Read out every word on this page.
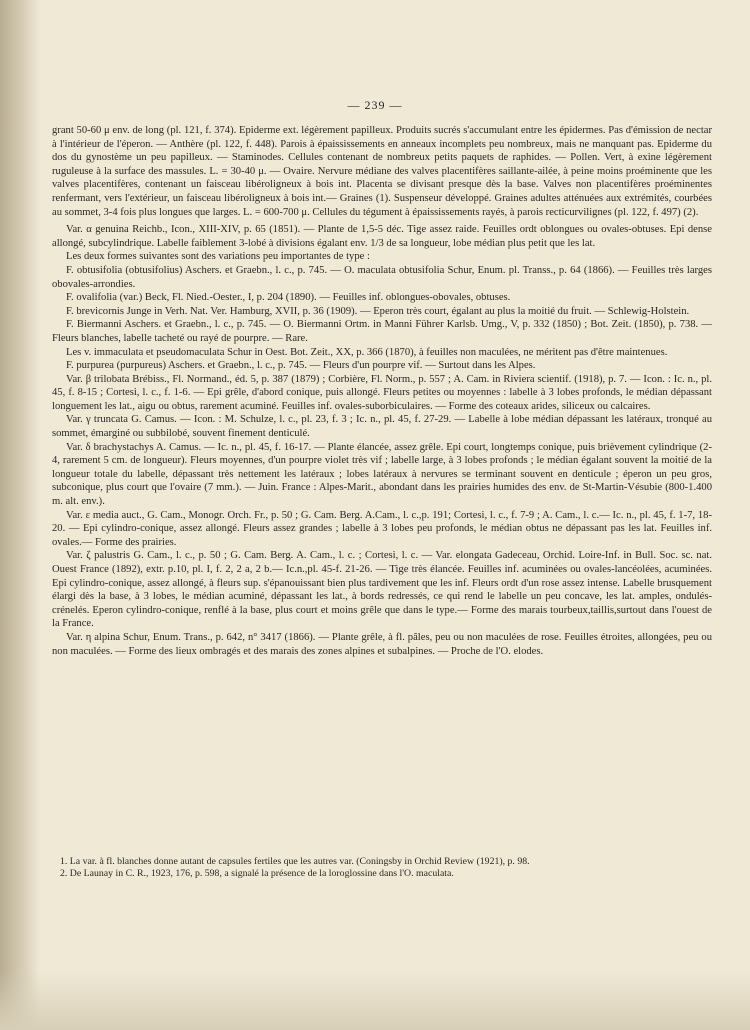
— 239 —

grant 50-60 μ env. de long (pl. 121, f. 374). Epiderme ext. légèrement papilleux. Produits sucrés s'accumulant entre les épidermes. Pas d'émission de nectar à l'intérieur de l'éperon. — Anthère (pl. 122, f. 448). Parois à épaississements en anneaux incomplets peu nombreux, mais ne manquant pas. Epiderme du dos du gynostème un peu papilleux. — Staminodes. Cellules contenant de nombreux petits paquets de raphides. — Pollen. Vert, à exine légèrement ruguleuse à la surface des massules. L. = 30-40 μ. — Ovaire. Nervure médiane des valves placentifères saillante-ailée, à peine moins proéminente que les valves placentifères, contenant un faisceau libéroligneux à bois int. Placenta se divisant presque dès la base. Valves non placentifères proéminentes renfermant, vers l'extérieur, un faisceau libéroligneux à bois int.— Graines (1). Suspenseur développé. Graines adultes atténuées aux extrémités, courbées au sommet, 3-4 fois plus longues que larges. L. = 600-700 μ. Cellules du tégument à épaississements rayés, à parois recticurvilignes (pl. 122, f. 497) (2).

Var. α genuina Reichb., Icon., XIII-XIV, p. 65 (1851). — Plante de 1,5-5 déc. Tige assez raide. Feuilles ordt oblongues ou ovales-obtuses. Epi dense allongé, subcylindrique. Labelle faiblement 3-lobé à divisions égalant env. 1/3 de sa longueur, lobe médian plus petit que les lat.

Les deux formes suivantes sont des variations peu importantes de type :

F. obtusifolia (obtusifolius) Aschers. et Graebn., l. c., p. 745. — O. maculata obtusifolia Schur, Enum. pl. Transs., p. 64 (1866). — Feuilles très larges obovales-arrondies.

F. ovalifolia (var.) Beck, Fl. Nied.-Oester., I, p. 204 (1890). — Feuilles inf. oblongues-obovales, obtuses.

F. brevicornis Junge in Verh. Nat. Ver. Hamburg, XVII, p. 36 (1909). — Eperon très court, égalant au plus la moitié du fruit. — Schlewig-Holstein.

F. Biermanni Aschers. et Graebn., l. c., p. 745. — O. Biermanni Ortm. in Manni Führer Karlsb. Umg., V, p. 332 (1850) ; Bot. Zeit. (1850), p. 738. — Fleurs blanches, labelle tacheté ou rayé de pourpre. — Rare.

Les v. immaculata et pseudomaculata Schur in Oest. Bot. Zeit., XX, p. 366 (1870), à feuilles non maculées, ne méritent pas d'être maintenues.

F. purpurea (purpureus) Aschers. et Graebn., l. c., p. 745. — Fleurs d'un pourpre vif. — Surtout dans les Alpes.

Var. β trilobata Brébiss., Fl. Normand., éd. 5, p. 387 (1879) ; Corbière, Fl. Norm., p. 557 ; A. Cam. in Riviera scientif. (1918), p. 7. — Icon. : Ic. n., pl. 45, f. 8-15 ; Cortesi, l. c., f. 1-6. — Epi grêle, d'abord conique, puis allongé. Fleurs petites ou moyennes : labelle à 3 lobes profonds, le médian dépassant longuement les lat., aigu ou obtus, rarement acuminé. Feuilles inf. ovales-suborbiculaires. — Forme des coteaux arides, siliceux ou calcaires.

Var. γ truncata G. Camus. — Icon. : M. Schulze, l. c., pl. 23, f. 3 ; Ic. n., pl. 45, f. 27-29. — Labelle à lobe médian dépassant les latéraux, tronqué au sommet, émarginé ou subbilobé, souvent finement denticulé.

Var. δ brachystachys A. Camus. — Ic. n., pl. 45, f. 16-17. — Plante élancée, assez grêle. Epi court, longtemps conique, puis brièvement cylindrique (2-4, rarement 5 cm. de longueur). Fleurs moyennes, d'un pourpre violet très vif ; labelle large, à 3 lobes profonds ; le médian égalant souvent la moitié de la longueur totale du labelle, dépassant très nettement les latéraux ; lobes latéraux à nervures se terminant souvent en denticule ; éperon un peu gros, subconique, plus court que l'ovaire (7 mm.). — Juin. France : Alpes-Marit., abondant dans les prairies humides des env. de St-Martin-Vésubie (800-1.400 m. alt. env.).

Var. ε media auct., G. Cam., Monogr. Orch. Fr., p. 50 ; G. Cam. Berg. A.Cam., l. c.,p. 191; Cortesi, l. c., f. 7-9 ; A. Cam., l. c.— Ic. n., pl. 45, f. 1-7, 18-20. — Epi cylindro-conique, assez allongé. Fleurs assez grandes ; labelle à 3 lobes peu profonds, le médian obtus ne dépassant pas les lat. Feuilles inf. ovales.— Forme des prairies.

Var. ζ palustris G. Cam., l. c., p. 50 ; G. Cam. Berg. A. Cam., l. c. ; Cortesi, l. c. — Var. elongata Gadeceau, Orchid. Loire-Inf. in Bull. Soc. sc. nat. Ouest France (1892), extr. p.10, pl. I, f. 2, 2 a, 2 b.— Ic.n.,pl. 45-f. 21-26. — Tige très élancée. Feuilles inf. acuminées ou ovales-lancéolées, acuminées. Epi cylindro-conique, assez allongé, à fleurs sup. s'épanouissant bien plus tardivement que les inf. Fleurs ordt d'un rose assez intense. Labelle brusquement élargi dès la base, à 3 lobes, le médian acuminé, dépassant les lat., à bords redressés, ce qui rend le labelle un peu concave, les lat. amples, ondulés-crénelés. Eperon cylindro-conique, renflé à la base, plus court et moins grêle que dans le type.— Forme des marais tourbeux,taillis,surtout dans l'ouest de la France.

Var. η alpina Schur, Enum. Trans., p. 642, n° 3417 (1866). — Plante grêle, à fl. pâles, peu ou non maculées de rose. Feuilles étroites, allongées, peu ou non maculées. — Forme des lieux ombragés et des marais des zones alpines et subalpines. — Proche de l'O. elodes.

1. La var. à fl. blanches donne autant de capsules fertiles que les autres var. (Coningsby in Orchid Review (1921), p. 98.

2. De Launay in C. R., 1923, 176, p. 598, a signalé la présence de la loroglossine dans l'O. maculata.
